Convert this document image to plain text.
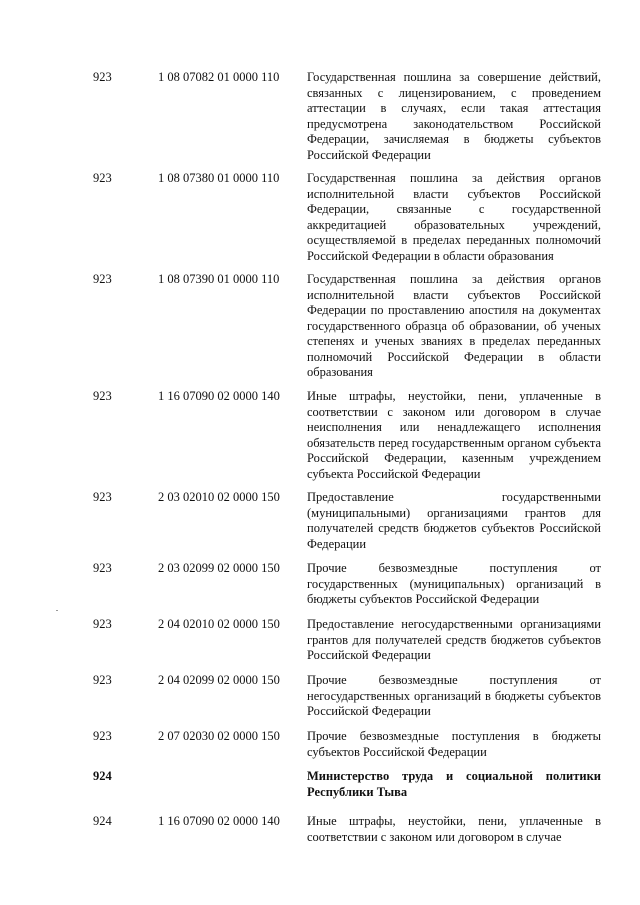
923	1 08 07082 01 0000 110	Государственная пошлина за совершение действий, связанных с лицензированием, с проведением аттестации в случаях, если такая аттестация предусмотрена законодательством Российской Федерации, зачисляемая в бюджеты субъектов Российской Федерации
923	1 08 07380 01 0000 110	Государственная пошлина за действия органов исполнительной власти субъектов Российской Федерации, связанные с государственной аккредитацией образовательных учреждений, осуществляемой в пределах переданных полномочий Российской Федерации в области образования
923	1 08 07390 01 0000 110	Государственная пошлина за действия органов исполнительной власти субъектов Российской Федерации по проставлению апостиля на документах государственного образца об образовании, об ученых степенях и ученых званиях в пределах переданных полномочий Российской Федерации в области образования
923	1 16 07090 02 0000 140	Иные штрафы, неустойки, пени, уплаченные в соответствии с законом или договором в случае неисполнения или ненадлежащего исполнения обязательств перед государственным органом субъекта Российской Федерации, казенным учреждением субъекта Российской Федерации
923	2 03 02010 02 0000 150	Предоставление государственными (муниципальными) организациями грантов для получателей средств бюджетов субъектов Российской Федерации
923	2 03 02099 02 0000 150	Прочие безвозмездные поступления от государственных (муниципальных) организаций в бюджеты субъектов Российской Федерации
923	2 04 02010 02 0000 150	Предоставление негосударственными организациями грантов для получателей средств бюджетов субъектов Российской Федерации
923	2 04 02099 02 0000 150	Прочие безвозмездные поступления от негосударственных организаций в бюджеты субъектов Российской Федерации
923	2 07 02030 02 0000 150	Прочие безвозмездные поступления в бюджеты субъектов Российской Федерации
924	Министерство труда и социальной политики Республики Тыва
924	1 16 07090 02 0000 140	Иные штрафы, неустойки, пени, уплаченные в соответствии с законом или договором в случае
